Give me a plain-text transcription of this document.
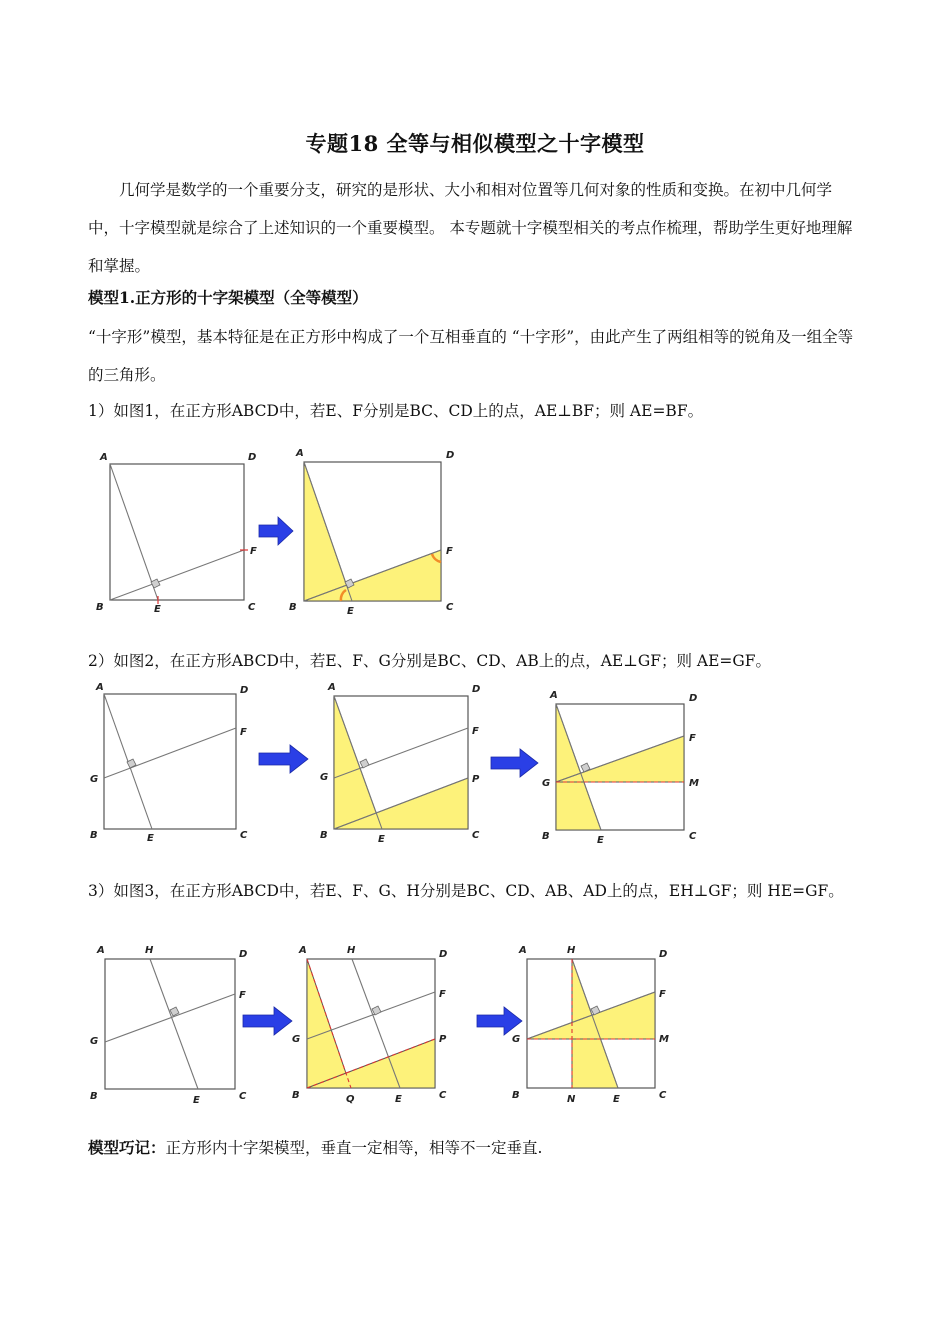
专题18 全等与相似模型之十字模型

几何学是数学的一个重要分支，研究的是形状、大小和相对位置等几何对象的性质和变换。在初中几何学中，十字模型就是综合了上述知识的一个重要模型。 本专题就十字模型相关的考点作梳理，帮助学生更好地理解和掌握。

模型1.正方形的十字架模型（全等模型）

“十字形”模型，基本特征是在正方形中构成了一个互相垂直的 “十字形”，由此产生了两组相等的锐角及一组全等的三角形。

1）如图1，在正方形ABCD中，若E、F分别是BC、CD上的点，AE⊥BF；则 AE=BF。
A	D
B	E	C
F
A	D
B	E	C
F
2）如图2，在正方形ABCD中，若E、F、G分别是BC、CD、AB上的点，AE⊥GF；则 AE=GF。
A	D
G
F
B	E	C
A	D
G
F
P
B	E	C
A	D
G
F
M
B	E	C
3）如图3，在正方形ABCD中，若E、F、G、H分别是BC、CD、AB、AD上的点，EH⊥GF；则 HE=GF。
A	H	D
G
F
B	E	C
A	H	D
G
F
P
B	Q	E	C
A	H	D
G
F
M
B	N	E	C
模型巧记：正方形内十字架模型，垂直一定相等，相等不一定垂直.
